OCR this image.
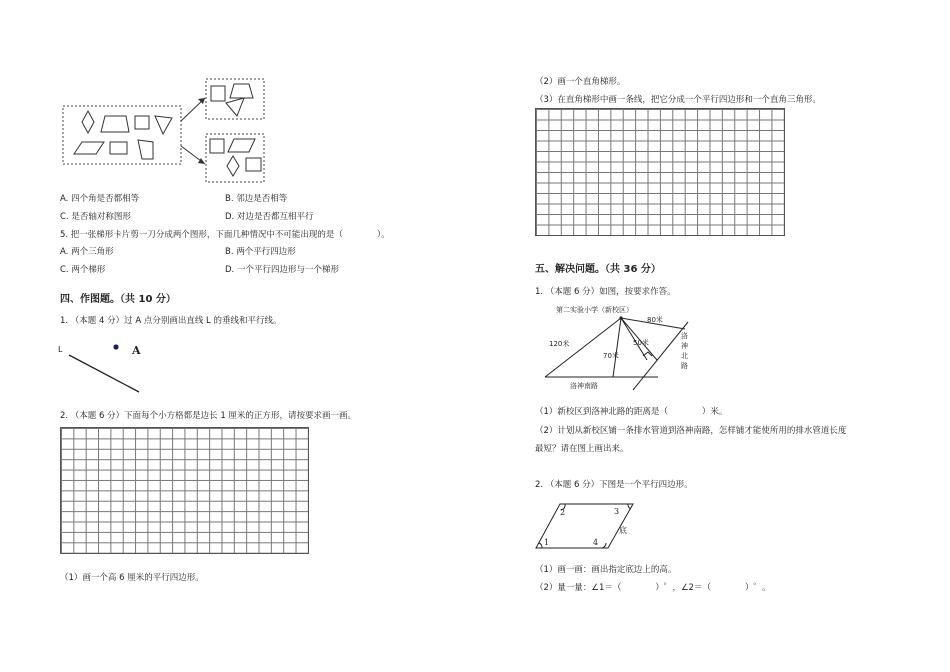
A. 四个角是否都相等	B. 邻边是否相等
C. 是否轴对称图形	D. 对边是否都互相平行
5. 把一张梯形卡片剪一刀分成两个图形，下面几种情况中不可能出现的是（　　　　）。
A. 两个三角形	B. 两个平行四边形
C. 两个梯形	D. 一个平行四边形与一个梯形
四、作图题。（共 10 分）
1. （本题 4 分）过 A 点分别画出直线 L 的垂线和平行线。
L	A
2. （本题 6 分）下面每个小方格都是边长 1 厘米的正方形，请按要求画一画。
（1）画一个高 6 厘米的平行四边形。
（2）画一个直角梯形。
（3）在直角梯形中画一条线，把它分成一个平行四边形和一个直角三角形。
五、解决问题。（共 36 分）
1. （本题 6 分）如图，按要求作答。
第二实验小学（新校区）
80米
120米
70米
50米
洛神南路
洛
神
北
路
（1）新校区到洛神北路的距离是（　　　　）米。
（2）计划从新校区铺一条排水管道到洛神南路，怎样铺才能使所用的排水管道长度
最短？请在图上画出来。
2. （本题 6 分）下图是一个平行四边形。
1
2	3
4
底
（1）画一画：画出指定底边上的高。
（2）量一量：∠1＝（　　　　）゜，∠2＝（　　　　）゜。
